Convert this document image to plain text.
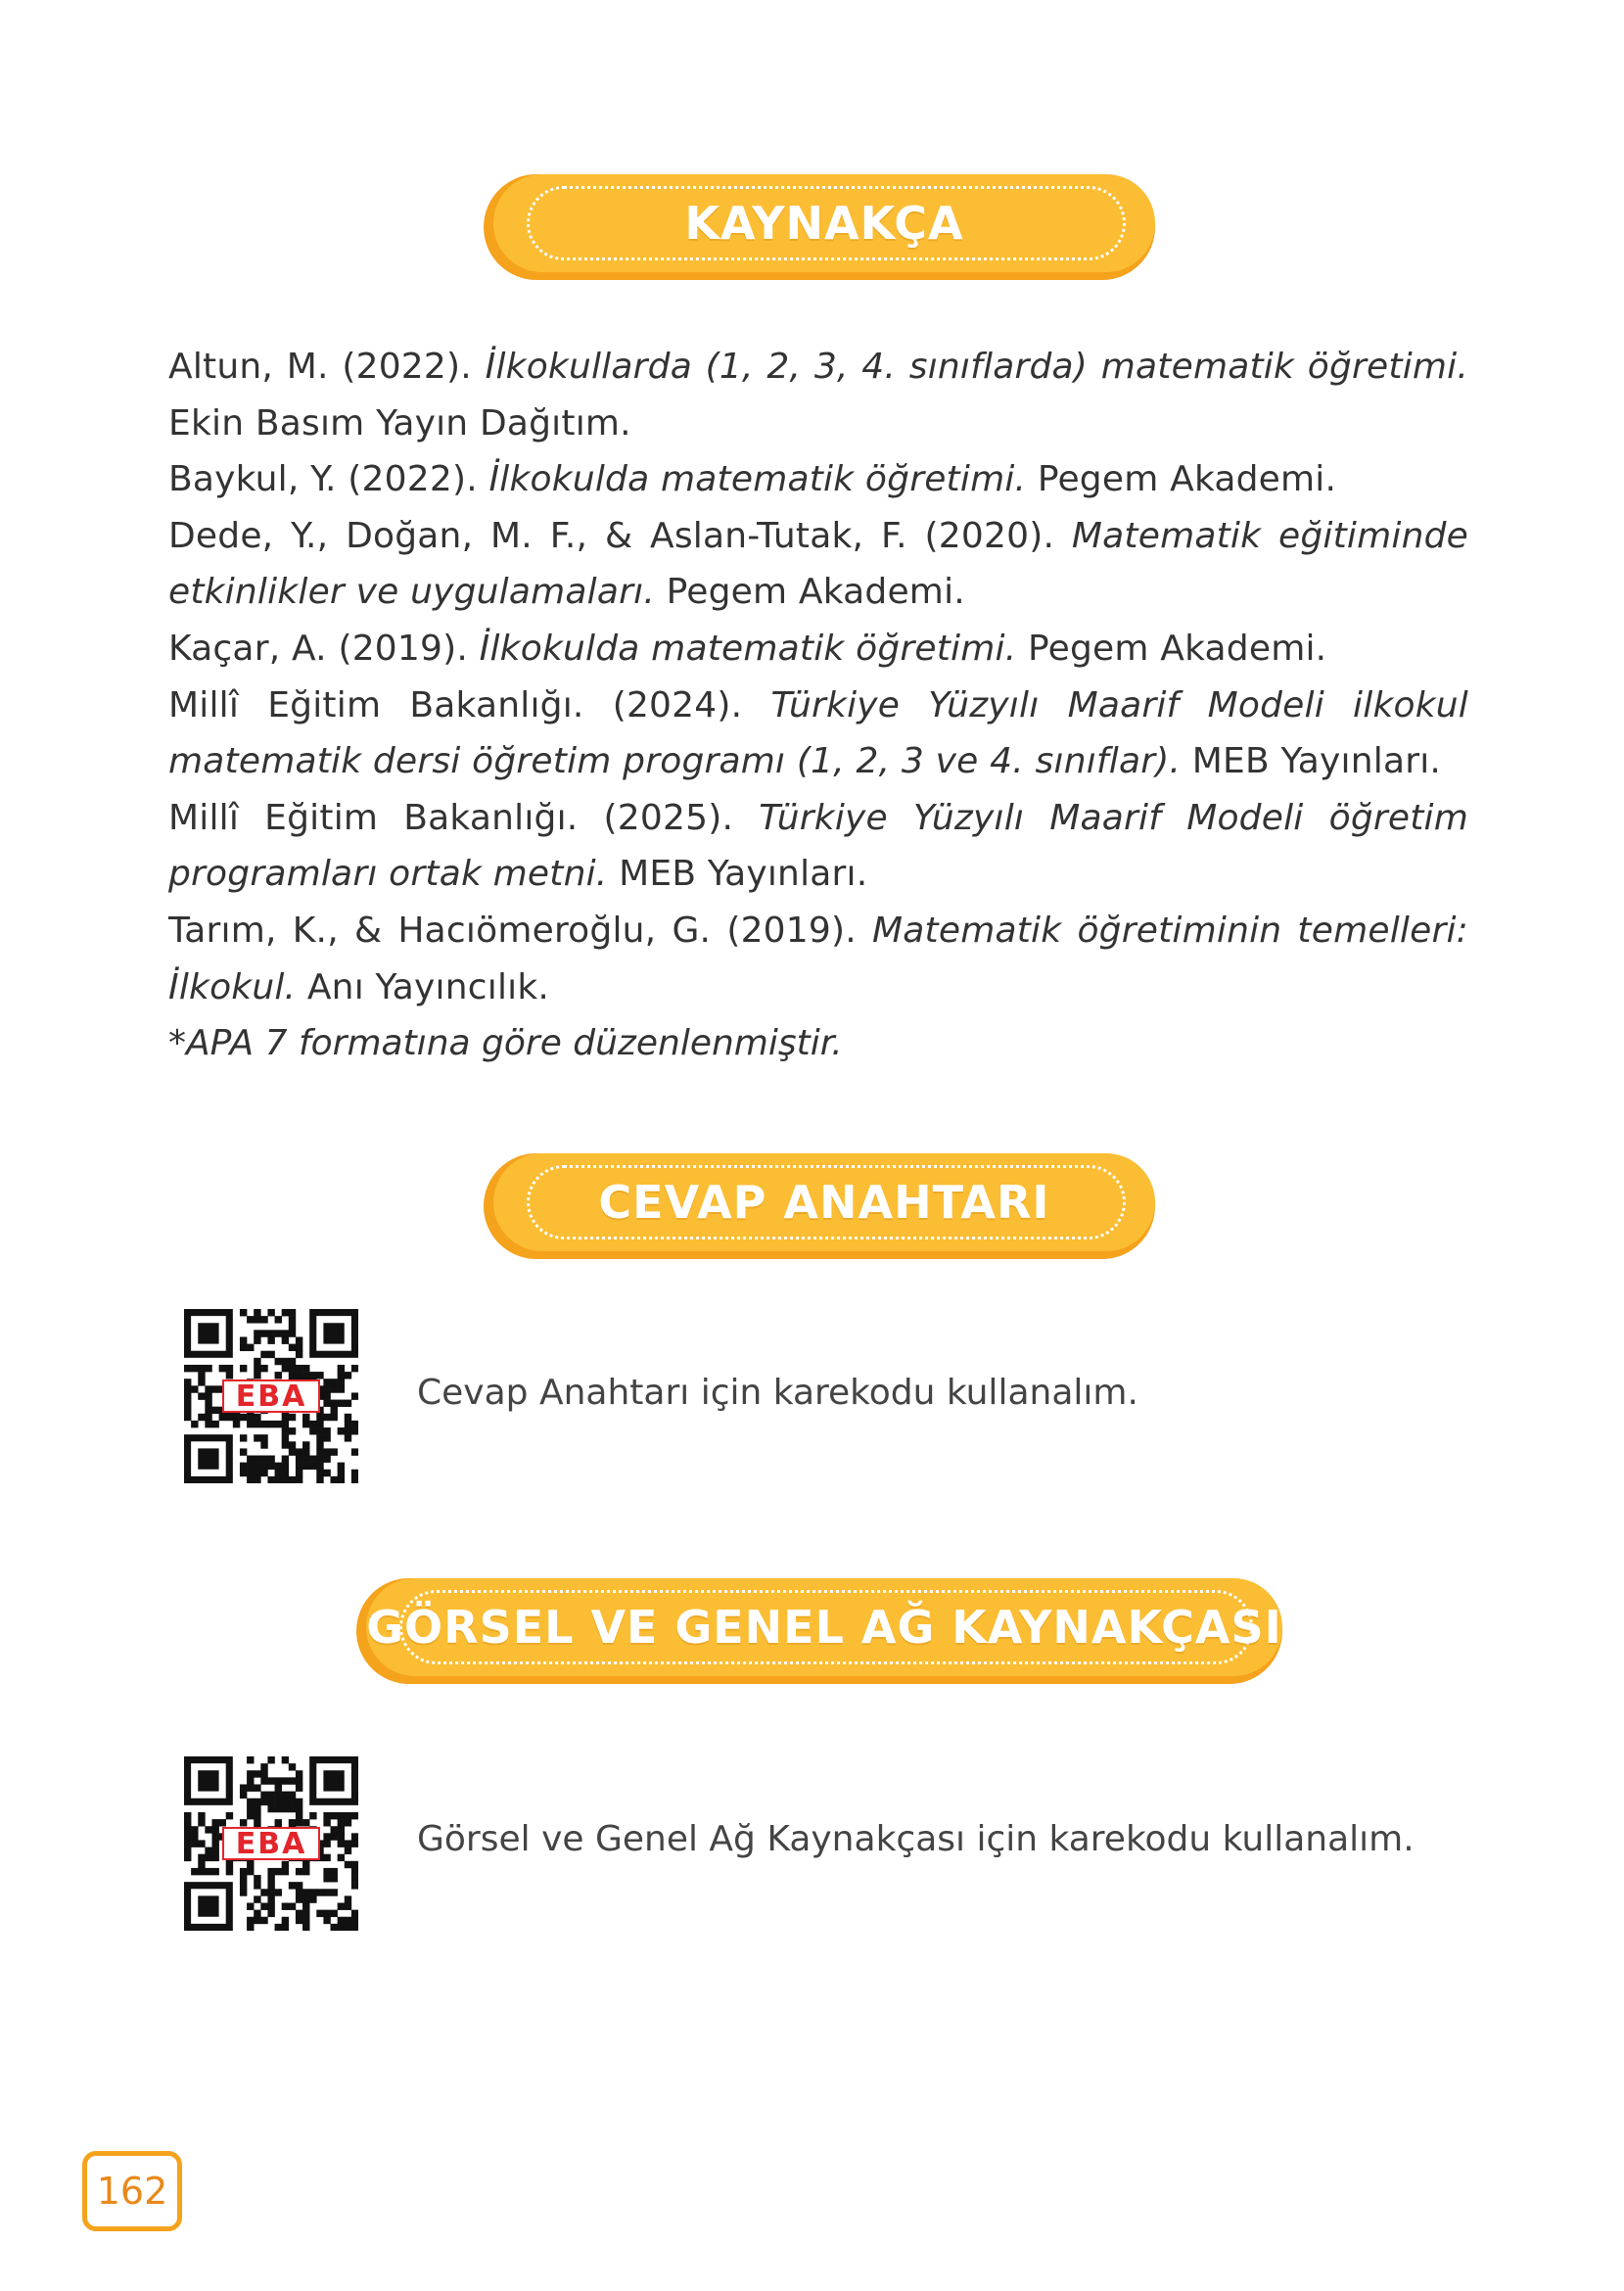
KAYNAKÇA

Altun, M. (2022). İlkokullarda (1, 2, 3, 4. sınıflarda) matematik öğretimi. Ekin Basım Yayın Dağıtım.

Baykul, Y. (2022). İlkokulda matematik öğretimi. Pegem Akademi.

Dede, Y., Doğan, M. F., & Aslan-Tutak, F. (2020). Matematik eğitiminde etkinlikler ve uygulamaları. Pegem Akademi.

Kaçar, A. (2019). İlkokulda matematik öğretimi. Pegem Akademi.

Millî Eğitim Bakanlığı. (2024). Türkiye Yüzyılı Maarif Modeli ilkokul matematik dersi öğretim programı (1, 2, 3 ve 4. sınıflar). MEB Yayınları.

Millî Eğitim Bakanlığı. (2025). Türkiye Yüzyılı Maarif Modeli öğretim programları ortak metni. MEB Yayınları.

Tarım, K., & Hacıömeroğlu, G. (2019). Matematik öğretiminin temelleri: İlkokul. Anı Yayıncılık.

*APA 7 formatına göre düzenlenmiştir.

CEVAP ANAHTARI
EBA	Cevap Anahtarı için karekodu kullanalım.
GÖRSEL VE GENEL AĞ KAYNAKÇASI
EBA	Görsel ve Genel Ağ Kaynakçası için karekodu kullanalım.
162
